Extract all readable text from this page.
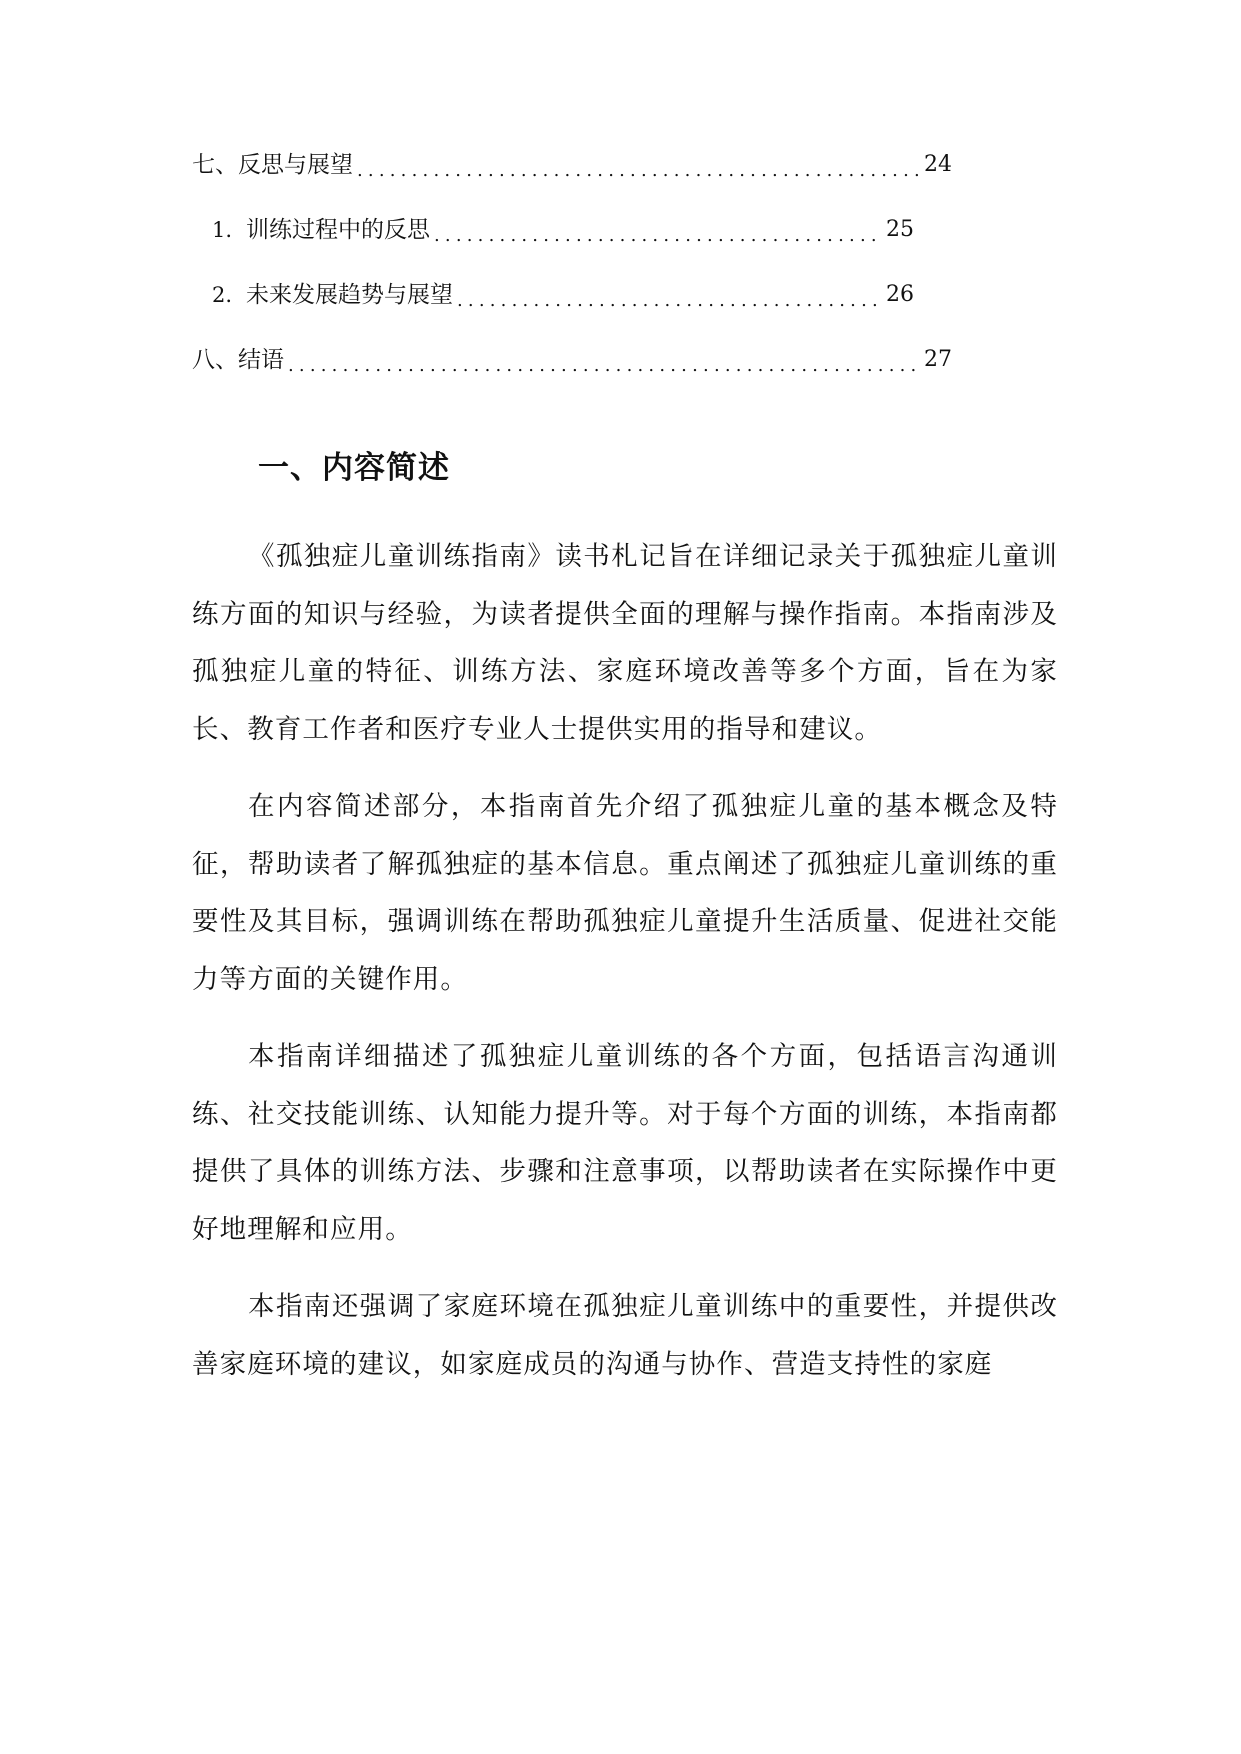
七、反思与展望 .....	24
1. 训练过程中的反思 .....	25
2. 未来发展趋势与展望 .....	26
八、结语 .....	27
一、内容简述

《孤独症儿童训练指南》读书札记旨在详细记录关于孤独症儿童训练方面的知识与经验，为读者提供全面的理解与操作指南。本指南涉及孤独症儿童的特征、训练方法、家庭环境改善等多个方面，旨在为家长、教育工作者和医疗专业人士提供实用的指导和建议。

在内容简述部分，本指南首先介绍了孤独症儿童的基本概念及特征，帮助读者了解孤独症的基本信息。重点阐述了孤独症儿童训练的重要性及其目标，强调训练在帮助孤独症儿童提升生活质量、促进社交能力等方面的关键作用。

本指南详细描述了孤独症儿童训练的各个方面，包括语言沟通训练、社交技能训练、认知能力提升等。对于每个方面的训练，本指南都提供了具体的训练方法、步骤和注意事项，以帮助读者在实际操作中更好地理解和应用。

本指南还强调了家庭环境在孤独症儿童训练中的重要性，并提供改善家庭环境的建议，如家庭成员的沟通与协作、营造支持性的家庭
